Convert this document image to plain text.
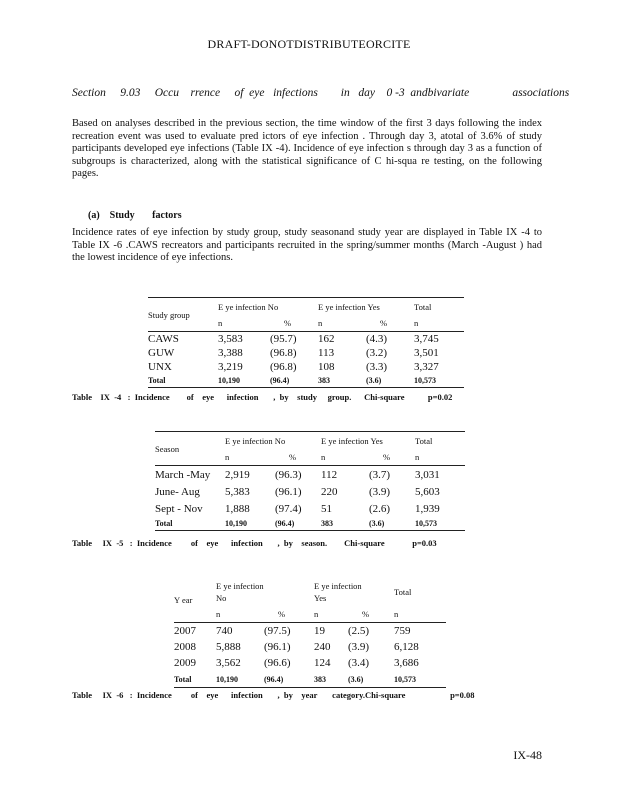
DRAFT-DONOTDISTRIBUTEORCITE
Section     9.03     Occu    rrence     of  eye   infections        in   day    0 -3  andbivariate               associations
Based on analyses described in the previous section, the time window of the first 3 days following the index recreation event was used to evaluate pred ictors of eye infection . Through day 3, atotal of 3.6% of study participants developed eye infections (Table IX -4). Incidence of eye infection s through day 3 as a function of subgroups is characterized, along with the statistical significance of C hi-squa re testing, on the following pages.
(a)    Study       factors
Incidence rates of eye infection by study group, study seasonand study year are displayed in Table IX -4 to Table IX -6 .CAWS recreators and participants recruited in the spring/summer months (March -August ) had the lowest incidence of eye infections.
Study group	E ye infection No		E ye infection Yes		Total
	n	%	n	%	n
CAWS	3,583	(95.7)	162	(4.3)	3,745
GUW	3,388	(96.8)	113	(3.2)	3,501
UNX	3,219	(96.8)	108	(3.3)	3,327
Total	10,190	(96.4)	383	(3.6)	10,573
Table    IX  -4   :  Incidence        of    eye      infection       ,  by    study     group.      Chi-square           p=0.02
Season	E ye infection No		E ye infection Yes		Total
	n	%	n	%	n
March -May	2,919	(96.3)	112	(3.7)	3,031
June- Aug	5,383	(96.1)	220	(3.9)	5,603
Sept - Nov	1,888	(97.4)	51	(2.6)	1,939
Total	10,190	(96.4)	383	(3.6)	10,573
Table     IX  -5   :  Incidence         of    eye      infection       ,  by    season.        Chi-square             p=0.03
Y ear	E ye infection
No		E ye infection
Yes		Total
	n	%	n	%	n
2007	740	(97.5)	19	(2.5)	759
2008	5,888	(96.1)	240	(3.9)	6,128
2009	3,562	(96.6)	124	(3.4)	3,686
Total	10,190	(96.4)	383	(3.6)	10,573
Table     IX  -6   :  Incidence         of    eye      infection       ,  by    year       category.Chi-square                     p=0.08
IX-48
